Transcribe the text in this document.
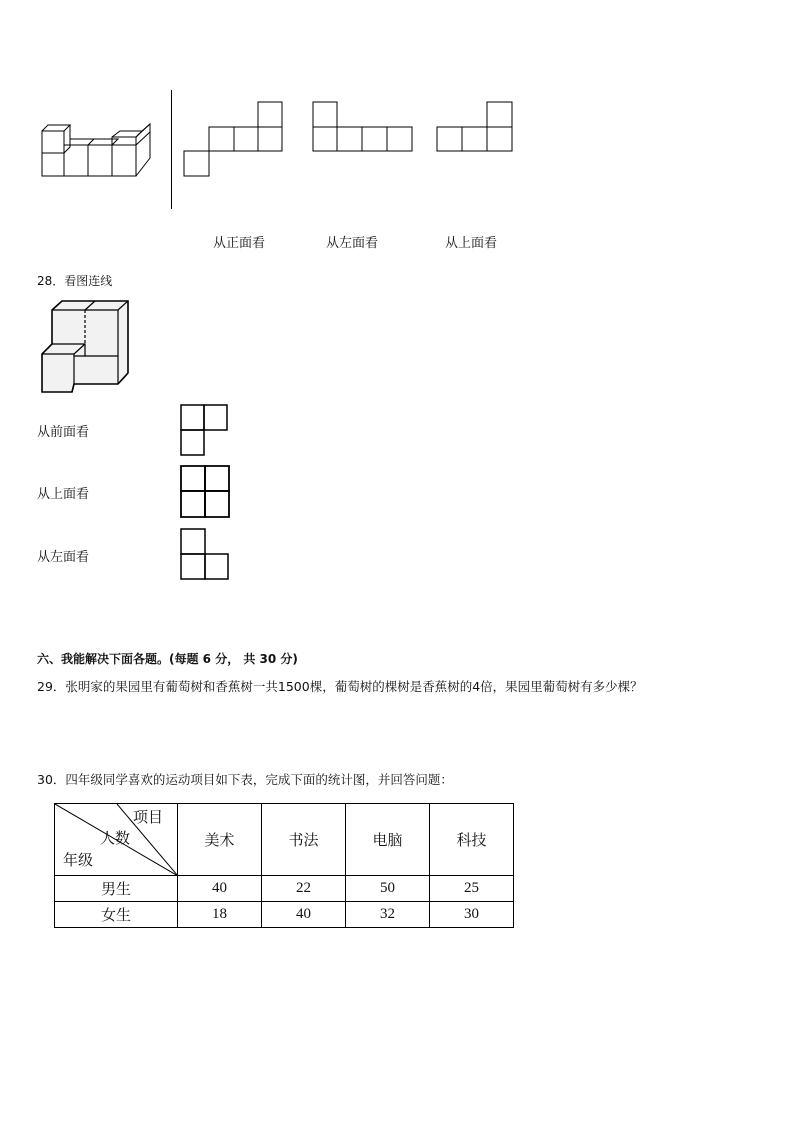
从正面看	从左面看	从上面看
28．看图连线
从前面看
从上面看
从左面看
六、我能解决下面各题。(每题 6 分， 共 30 分)
29．张明家的果园里有葡萄树和香蕉树一共1500棵，葡萄树的棵树是香蕉树的4倍，果园里葡萄树有多少棵？
30．四年级同学喜欢的运动项目如下表，完成下面的统计图，并回答问题：
项目
人数
年级	美术	书法	电脑	科技
男生	40	22	50	25
女生	18	40	32	30
